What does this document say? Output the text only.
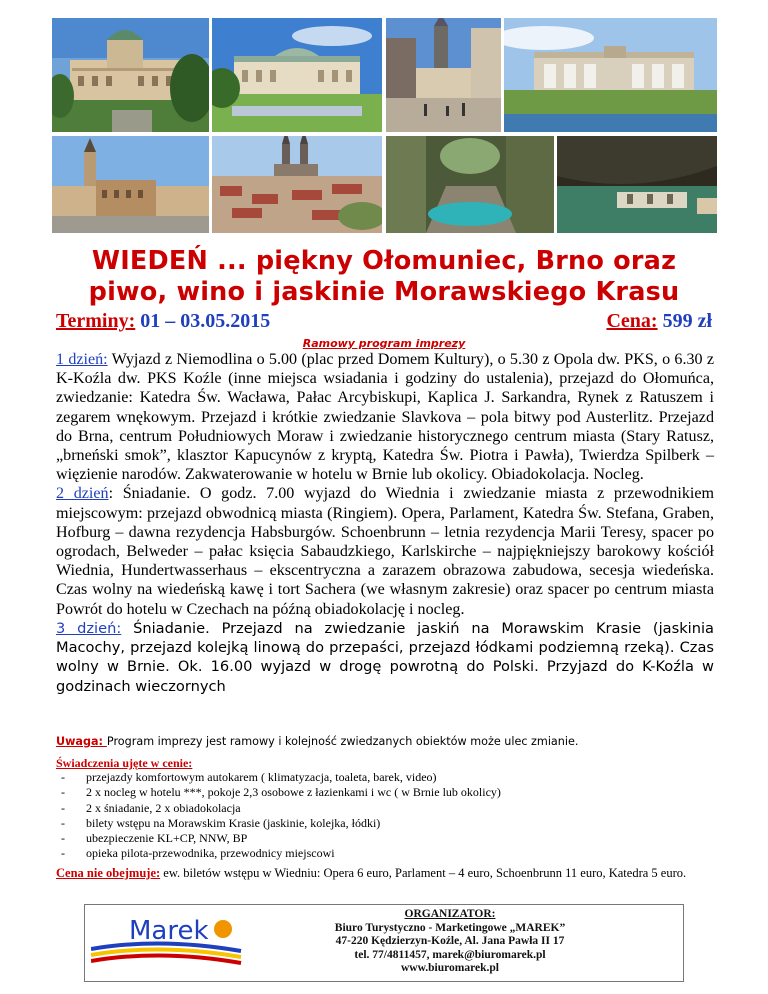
WIEDEŃ ... piękny Ołomuniec, Brno oraz
piwo, wino i jaskinie Morawskiego Krasu
Terminy: 01 – 03.05.2015	Cena: 599 zł
Ramowy program imprezy

1 dzień: Wyjazd z Niemodlina o 5.00 (plac przed Domem Kultury), o 5.30 z Opola dw. PKS, o 6.30 z K-Koźla dw. PKS Koźle (inne miejsca wsiadania i godziny do ustalenia), przejazd do Ołomuńca, zwiedzanie: Katedra Św. Wacława, Pałac Arcybiskupi, Kaplica J. Sarkandra, Rynek z Ratuszem i zegarem wnękowym. Przejazd i krótkie zwiedzanie Slavkova – pola bitwy pod Austerlitz. Przejazd do Brna, centrum Południowych Moraw i zwiedzanie historycznego centrum miasta (Stary Ratusz, „brneński smok”, klasztor Kapucynów z kryptą, Katedra Św. Piotra i Pawła), Twierdza Spilberk – więzienie narodów. Zakwaterowanie w hotelu w Brnie lub okolicy. Obiadokolacja. Nocleg.

2 dzień: Śniadanie. O godz. 7.00 wyjazd do Wiednia i zwiedzanie miasta z przewodnikiem miejscowym: przejazd obwodnicą miasta (Ringiem). Opera, Parlament, Katedra Św. Stefana, Graben, Hofburg – dawna rezydencja Habsburgów. Schoenbrunn – letnia rezydencja Marii Teresy, spacer po ogrodach, Belweder – pałac księcia Sabaudzkiego, Karlskirche – najpiękniejszy barokowy kościół Wiednia, Hundertwasserhaus – ekscentryczna a zarazem obrazowa zabudowa, secesja wiedeńska. Czas wolny na wiedeńską kawę i tort Sachera (we własnym zakresie) oraz spacer po centrum miasta Powrót do hotelu w Czechach na późną obiadokolację i nocleg.

3 dzień: Śniadanie. Przejazd na zwiedzanie jaskiń na Morawskim Krasie (jaskinia Macochy, przejazd kolejką linową do przepaści, przejazd łódkami podziemną rzeką). Czas wolny w Brnie. Ok. 16.00 wyjazd w drogę powrotną do Polski. Przyjazd do K-Koźla w godzinach wieczornych

Uwaga: Program imprezy jest ramowy i kolejność zwiedzanych obiektów może ulec zmianie.
Świadczenia ujęte w cenie:
- przejazdy komfortowym autokarem ( klimatyzacja, toaleta, barek, video)
- 2 x nocleg w hotelu ***, pokoje 2,3 osobowe z łazienkami i wc ( w Brnie lub okolicy)
- 2 x śniadanie, 2 x obiadokolacja
- bilety wstępu na Morawskim Krasie (jaskinie, kolejka, łódki)
- ubezpieczenie KL+CP, NNW, BP
- opieka pilota-przewodnika, przewodnicy miejscowi
Cena nie obejmuje: ew. biletów wstępu w Wiedniu: Opera 6 euro, Parlament – 4 euro, Schoenbrunn 11 euro, Katedra 5 euro.
Marek
ORGANIZATOR:
Biuro Turystyczno - Marketingowe „MAREK”
47-220 Kędzierzyn-Koźle, Al. Jana Pawła II 17
tel. 77/4811457, marek@biuromarek.pl
www.biuromarek.pl
